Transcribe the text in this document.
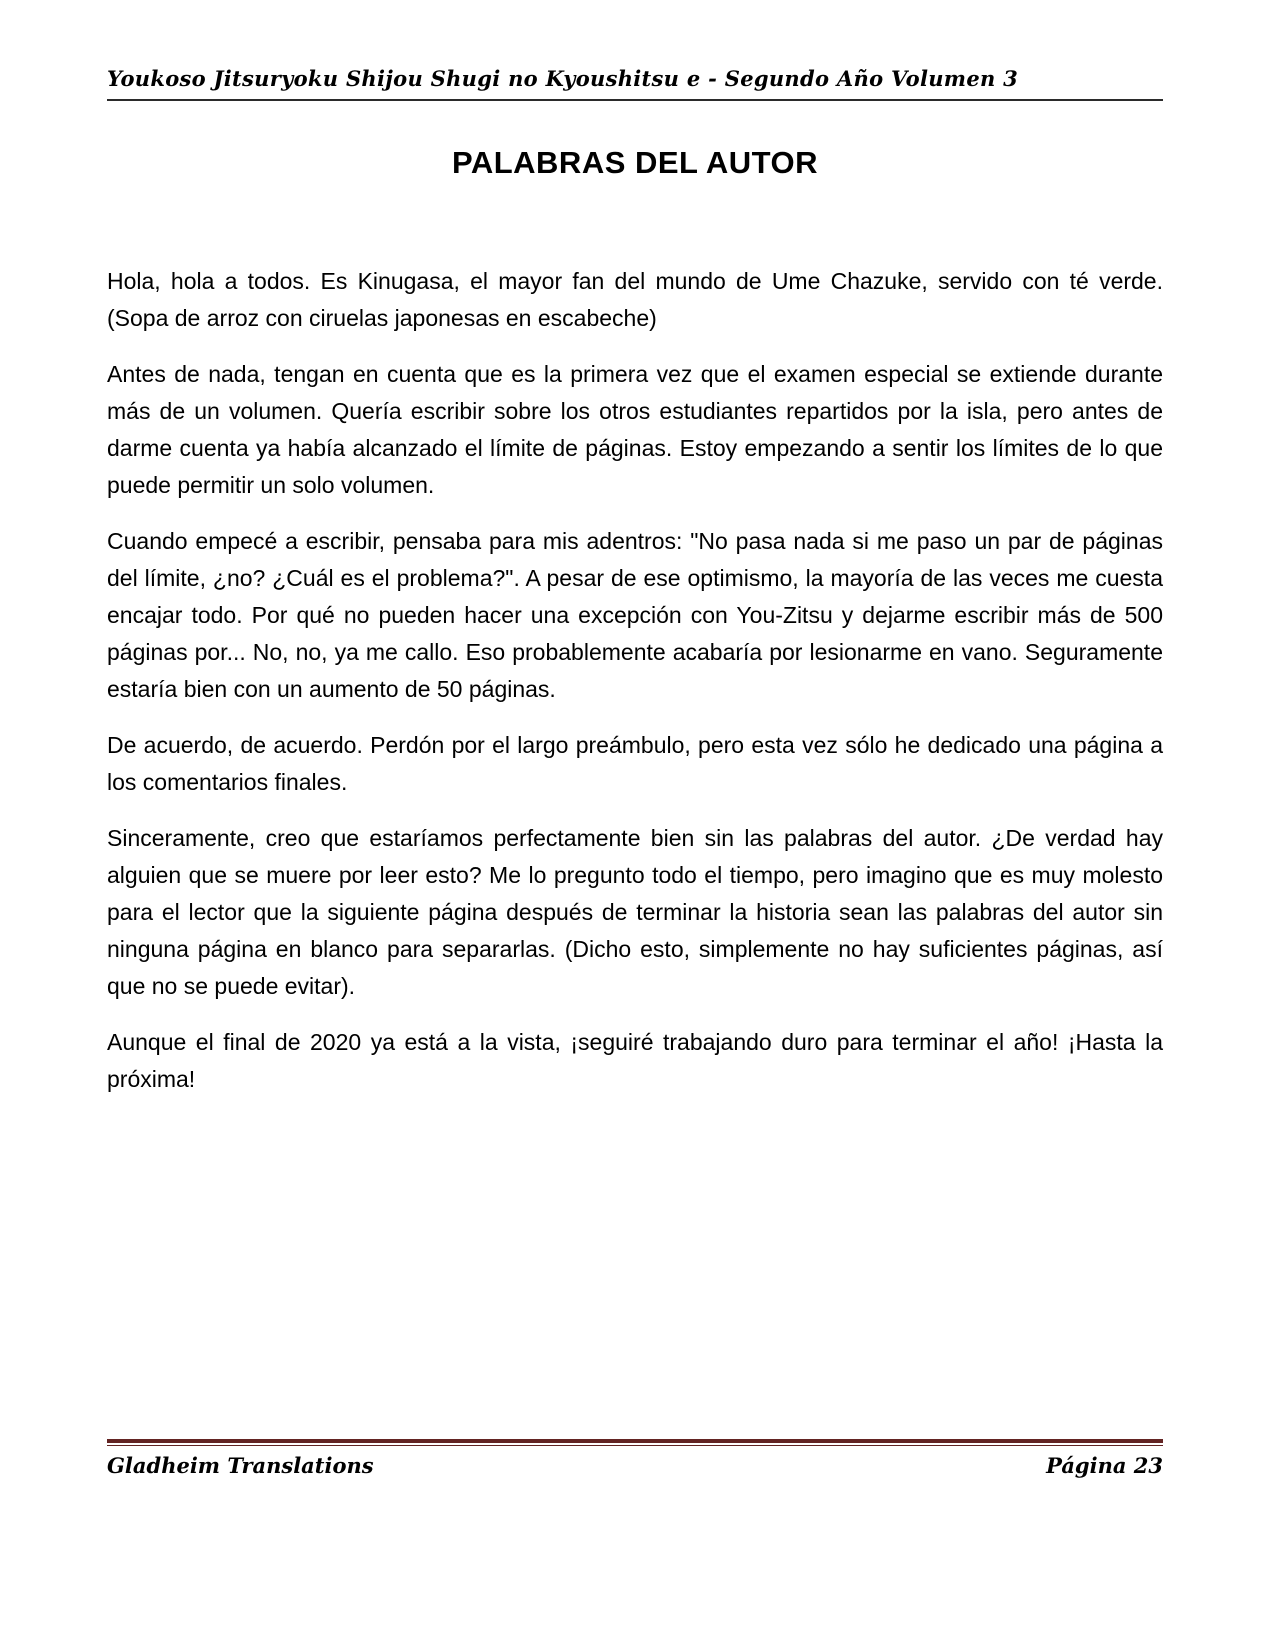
Youkoso Jitsuryoku Shijou Shugi no Kyoushitsu e - Segundo Año Volumen 3
PALABRAS DEL AUTOR

Hola, hola a todos. Es Kinugasa, el mayor fan del mundo de Ume Chazuke, servido con té verde. (Sopa de arroz con ciruelas japonesas en escabeche)

Antes de nada, tengan en cuenta que es la primera vez que el examen especial se extiende durante más de un volumen. Quería escribir sobre los otros estudiantes repartidos por la isla, pero antes de darme cuenta ya había alcanzado el límite de páginas. Estoy empezando a sentir los límites de lo que puede permitir un solo volumen.

Cuando empecé a escribir, pensaba para mis adentros: "No pasa nada si me paso un par de páginas del límite, ¿no? ¿Cuál es el problema?". A pesar de ese optimismo, la mayoría de las veces me cuesta encajar todo. Por qué no pueden hacer una excepción con You-Zitsu y dejarme escribir más de 500 páginas por... No, no, ya me callo. Eso probablemente acabaría por lesionarme en vano. Seguramente estaría bien con un aumento de 50 páginas.

De acuerdo, de acuerdo. Perdón por el largo preámbulo, pero esta vez sólo he dedicado una página a los comentarios finales.

Sinceramente, creo que estaríamos perfectamente bien sin las palabras del autor. ¿De verdad hay alguien que se muere por leer esto? Me lo pregunto todo el tiempo, pero imagino que es muy molesto para el lector que la siguiente página después de terminar la historia sean las palabras del autor sin ninguna página en blanco para separarlas. (Dicho esto, simplemente no hay suficientes páginas, así que no se puede evitar).

Aunque el final de 2020 ya está a la vista, ¡seguiré trabajando duro para terminar el año! ¡Hasta la próxima!

Gladheim Translations	Página 23
